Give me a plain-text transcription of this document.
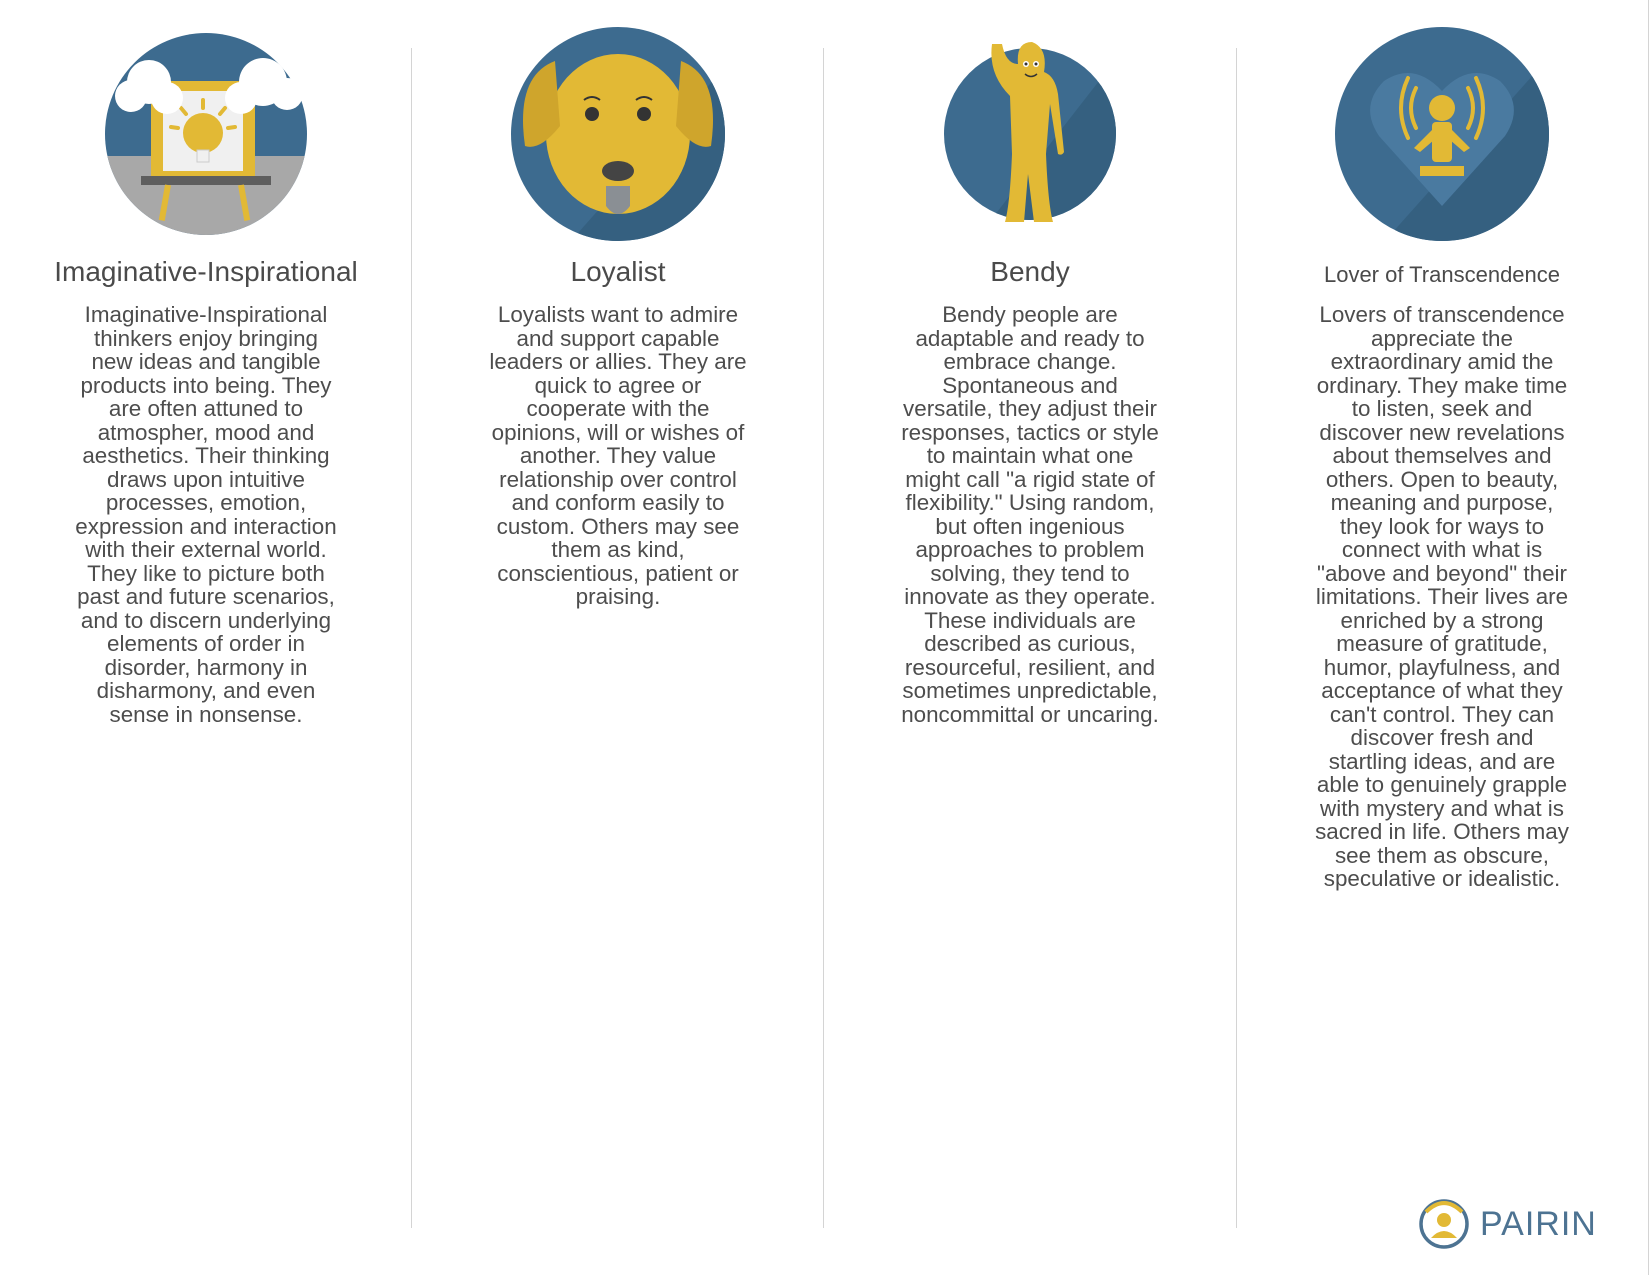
Imaginative-Inspirational

Imaginative-Inspirational thinkers enjoy bringing new ideas and tangible products into being. They are often attuned to atmospher, mood and aesthetics. Their thinking draws upon intuitive processes, emotion, expression and interaction with their external world. They like to picture both past and future scenarios, and to discern underlying elements of order in disorder, harmony in disharmony, and even sense in nonsense.

Loyalist

Loyalists want to admire and support capable leaders or allies. They are quick to agree or cooperate with the opinions, will or wishes of another. They value relationship over control and conform easily to custom. Others may see them as kind, conscientious, patient or praising.

Bendy

Bendy people are adaptable and ready to embrace change. Spontaneous and versatile, they adjust their responses, tactics or style to maintain what one might call "a rigid state of flexibility." Using random, but often ingenious approaches to problem solving, they tend to innovate as they operate. These individuals are described as curious, resourceful, resilient, and sometimes unpredictable, noncommittal or uncaring.

Lover of Transcendence

Lovers of transcendence appreciate the extraordinary amid the ordinary. They make time to listen, seek and discover new revelations about themselves and others. Open to beauty, meaning and purpose, they look for ways to connect with what is "above and beyond" their limitations. Their lives are enriched by a strong measure of gratitude, humor, playfulness, and acceptance of what they can't control. They can discover fresh and startling ideas, and are able to genuinely grapple with mystery and what is sacred in life. Others may see them as obscure, speculative or idealistic.

PAIRIN
